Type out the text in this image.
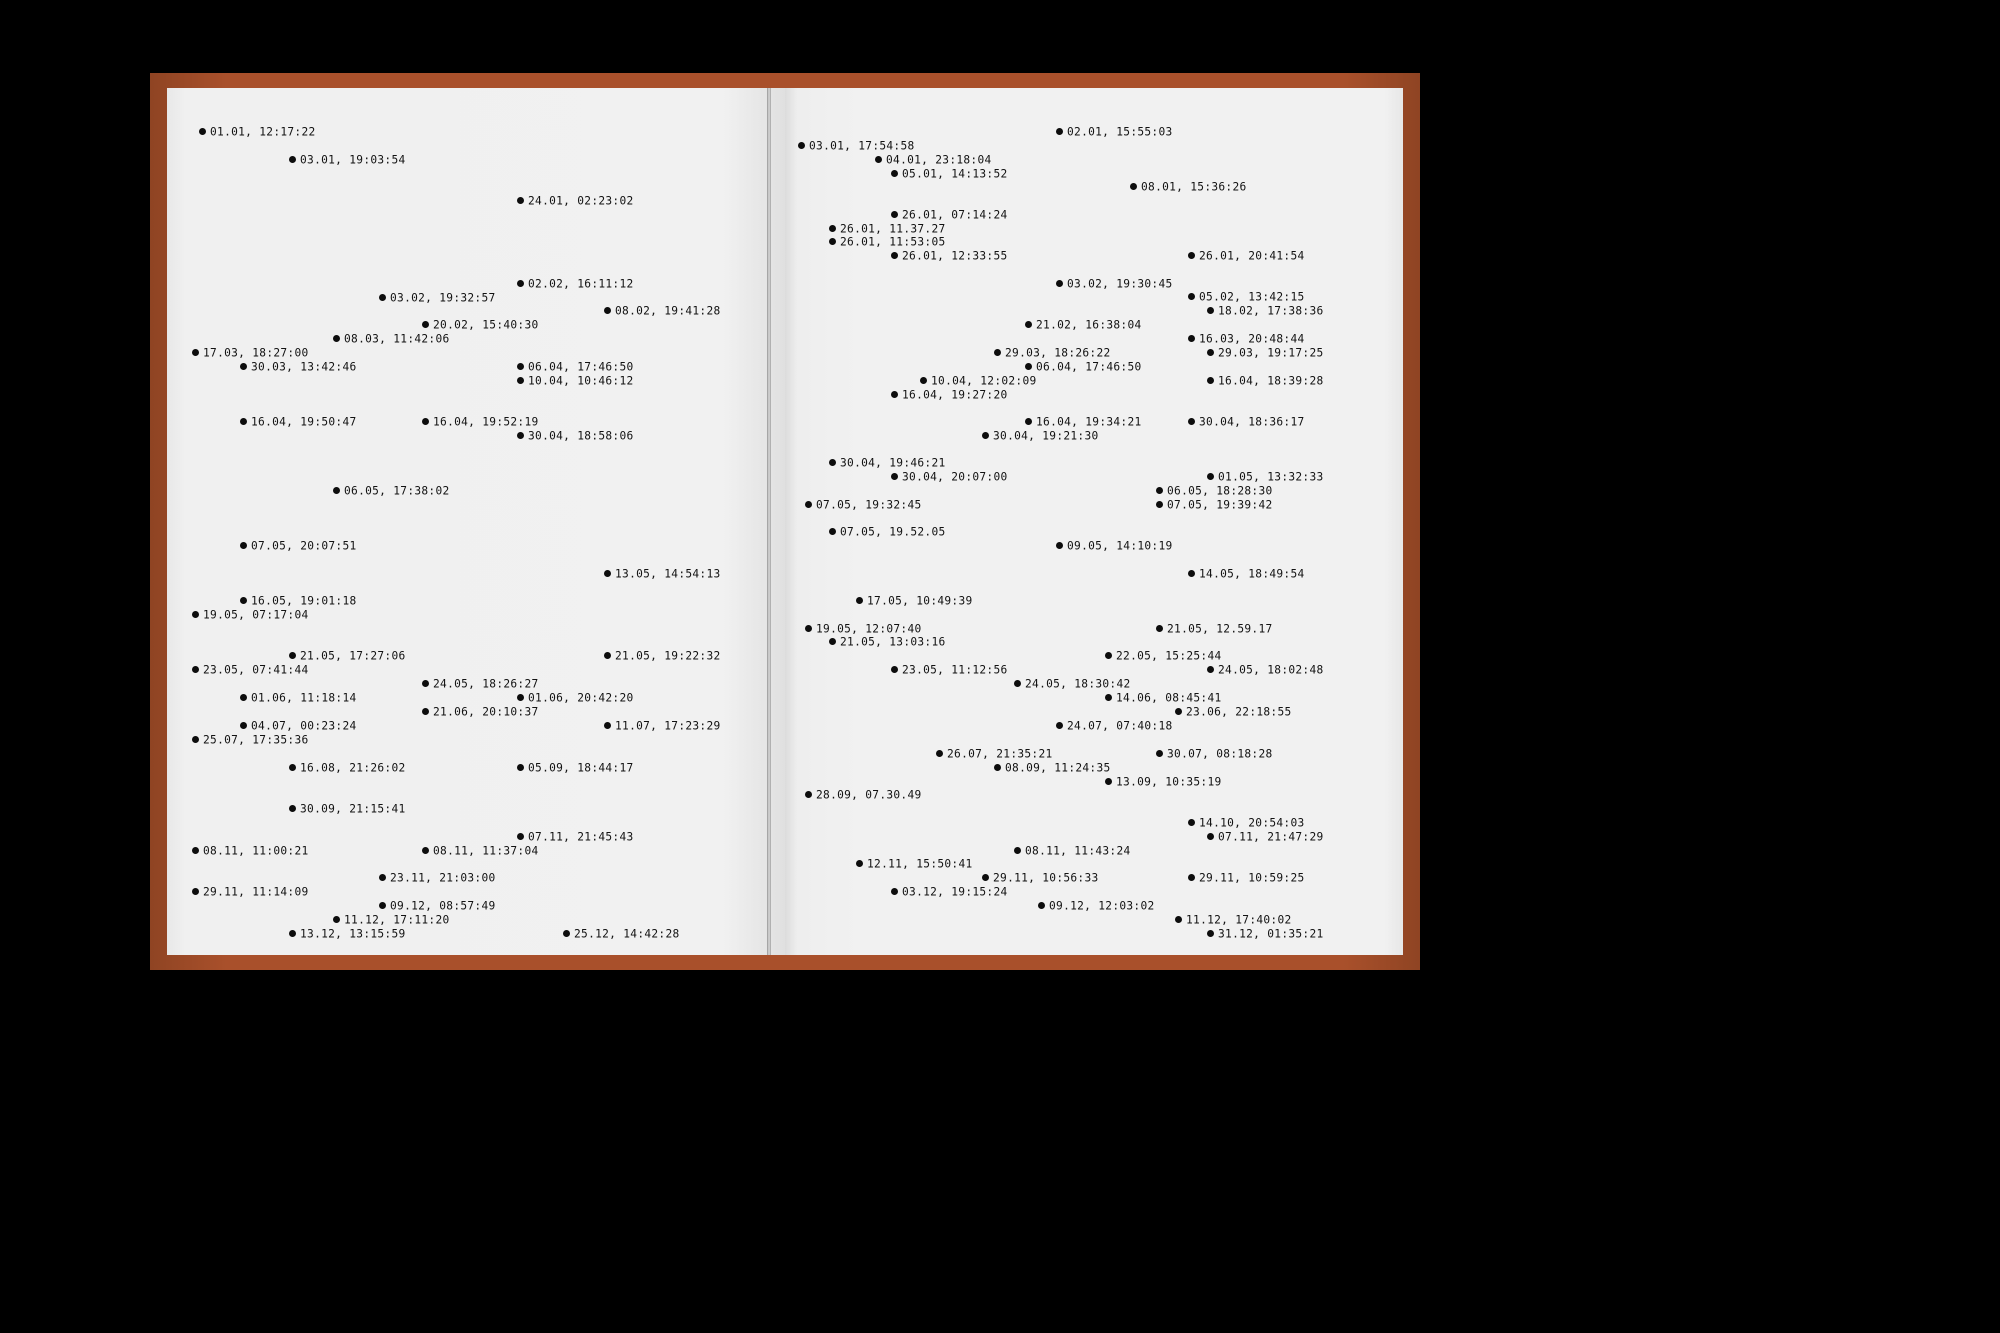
01.01, 12:17:22
03.01, 19:03:54
24.01, 02:23:02
02.02, 16:11:12
03.02, 19:32:57
08.02, 19:41:28
20.02, 15:40:30
08.03, 11:42:06
17.03, 18:27:00
30.03, 13:42:46	06.04, 17:46:50
10.04, 10:46:12
16.04, 19:50:47	16.04, 19:52:19
30.04, 18:58:06
06.05, 17:38:02
07.05, 20:07:51
13.05, 14:54:13
16.05, 19:01:18
19.05, 07:17:04
21.05, 17:27:06	21.05, 19:22:32
23.05, 07:41:44
24.05, 18:26:27
01.06, 11:18:14	01.06, 20:42:20
21.06, 20:10:37
04.07, 00:23:24	11.07, 17:23:29
25.07, 17:35:36
16.08, 21:26:02	05.09, 18:44:17
30.09, 21:15:41
07.11, 21:45:43
08.11, 11:00:21	08.11, 11:37:04
23.11, 21:03:00
29.11, 11:14:09
09.12, 08:57:49
11.12, 17:11:20
13.12, 13:15:59	25.12, 14:42:28
02.01, 15:55:03
03.01, 17:54:58
04.01, 23:18:04
05.01, 14:13:52
08.01, 15:36:26
26.01, 07:14:24
26.01, 11.37.27
26.01, 11:53:05
26.01, 12:33:55	26.01, 20:41:54
03.02, 19:30:45
05.02, 13:42:15
18.02, 17:38:36
21.02, 16:38:04
16.03, 20:48:44
29.03, 18:26:22	29.03, 19:17:25
06.04, 17:46:50
10.04, 12:02:09	16.04, 18:39:28
16.04, 19:27:20
16.04, 19:34:21	30.04, 18:36:17
30.04, 19:21:30
30.04, 19:46:21
30.04, 20:07:00	01.05, 13:32:33
06.05, 18:28:30
07.05, 19:32:45	07.05, 19:39:42
07.05, 19.52.05
09.05, 14:10:19
14.05, 18:49:54
17.05, 10:49:39
19.05, 12:07:40	21.05, 12.59.17
21.05, 13:03:16
22.05, 15:25:44
23.05, 11:12:56	24.05, 18:02:48
24.05, 18:30:42
14.06, 08:45:41
23.06, 22:18:55
24.07, 07:40:18
26.07, 21:35:21	30.07, 08:18:28
08.09, 11:24:35
13.09, 10:35:19
28.09, 07.30.49
14.10, 20:54:03
07.11, 21:47:29
08.11, 11:43:24
12.11, 15:50:41
29.11, 10:56:33	29.11, 10:59:25
03.12, 19:15:24
09.12, 12:03:02
11.12, 17:40:02
31.12, 01:35:21
